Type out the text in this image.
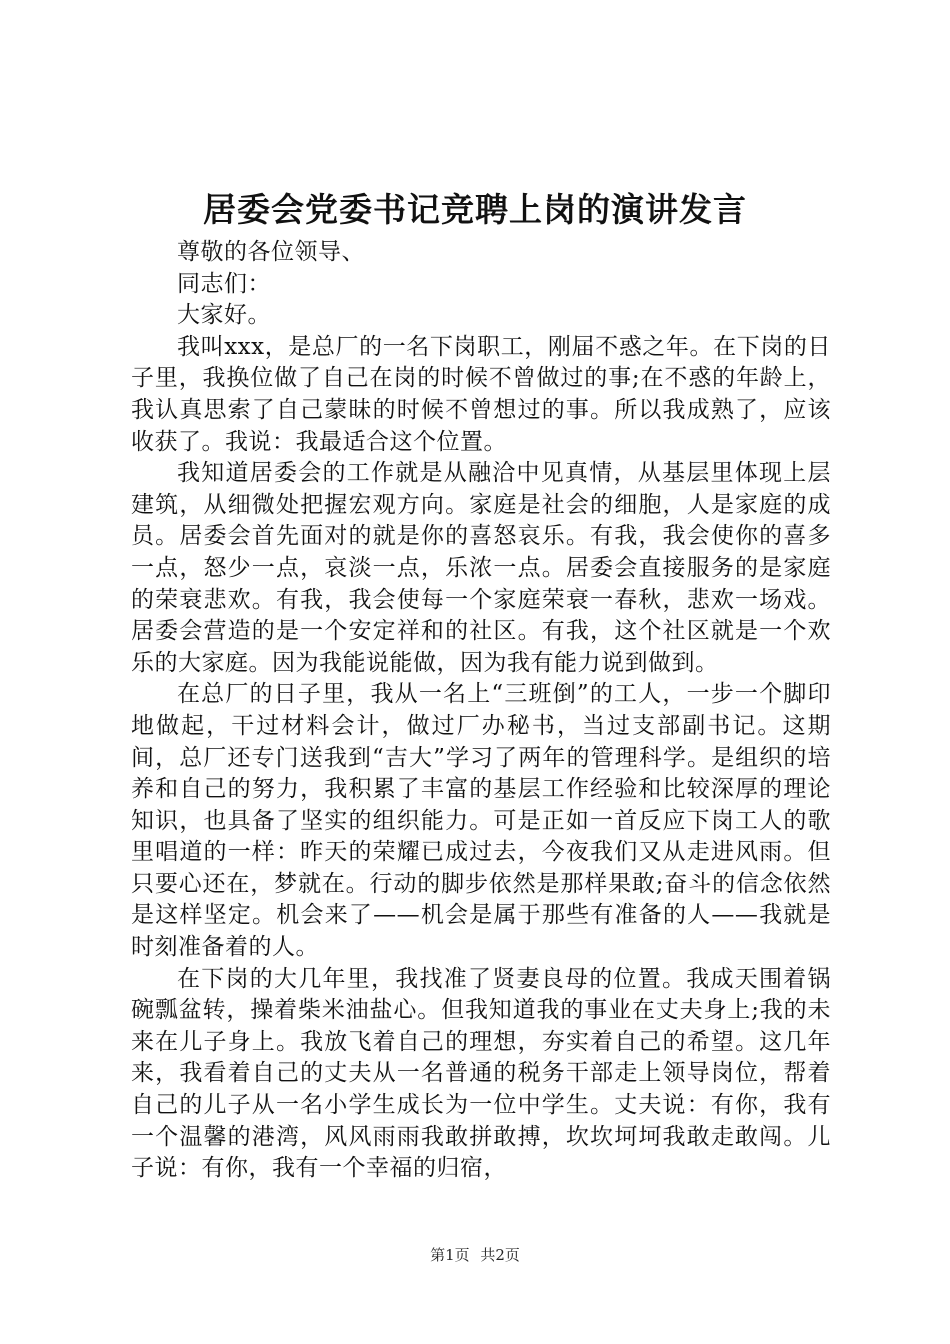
居委会党委书记竞聘上岗的演讲发言

尊敬的各位领导、

同志们：

大家好。

我叫xxx，是总厂的一名下岗职工，刚届不惑之年。在下岗的日子里，我换位做了自己在岗的时候不曾做过的事;在不惑的年龄上，我认真思索了自己蒙昧的时候不曾想过的事。所以我成熟了，应该收获了。我说：我最适合这个位置。

我知道居委会的工作就是从融洽中见真情，从基层里体现上层建筑，从细微处把握宏观方向。家庭是社会的细胞，人是家庭的成员。居委会首先面对的就是你的喜怒哀乐。有我，我会使你的喜多一点，怒少一点，哀淡一点，乐浓一点。居委会直接服务的是家庭的荣衰悲欢。有我，我会使每一个家庭荣衰一春秋，悲欢一场戏。居委会营造的是一个安定祥和的社区。有我，这个社区就是一个欢乐的大家庭。因为我能说能做，因为我有能力说到做到。

在总厂的日子里，我从一名上“三班倒”的工人，一步一个脚印地做起，干过材料会计，做过厂办秘书，当过支部副书记。这期间，总厂还专门送我到“吉大”学习了两年的管理科学。是组织的培养和自己的努力，我积累了丰富的基层工作经验和比较深厚的理论知识，也具备了坚实的组织能力。可是正如一首反应下岗工人的歌里唱道的一样：昨天的荣耀已成过去，今夜我们又从走进风雨。但只要心还在，梦就在。行动的脚步依然是那样果敢;奋斗的信念依然是这样坚定。机会来了——机会是属于那些有准备的人——我就是时刻准备着的人。

在下岗的大几年里，我找准了贤妻良母的位置。我成天围着锅碗瓢盆转，操着柴米油盐心。但我知道我的事业在丈夫身上;我的未来在儿子身上。我放飞着自己的理想，夯实着自己的希望。这几年来，我看着自己的丈夫从一名普通的税务干部走上领导岗位，帮着自己的儿子从一名小学生成长为一位中学生。丈夫说：有你，我有一个温馨的港湾，风风雨雨我敢拼敢搏，坎坎坷坷我敢走敢闯。儿子说：有你，我有一个幸福的归宿，

第1页 共2页
